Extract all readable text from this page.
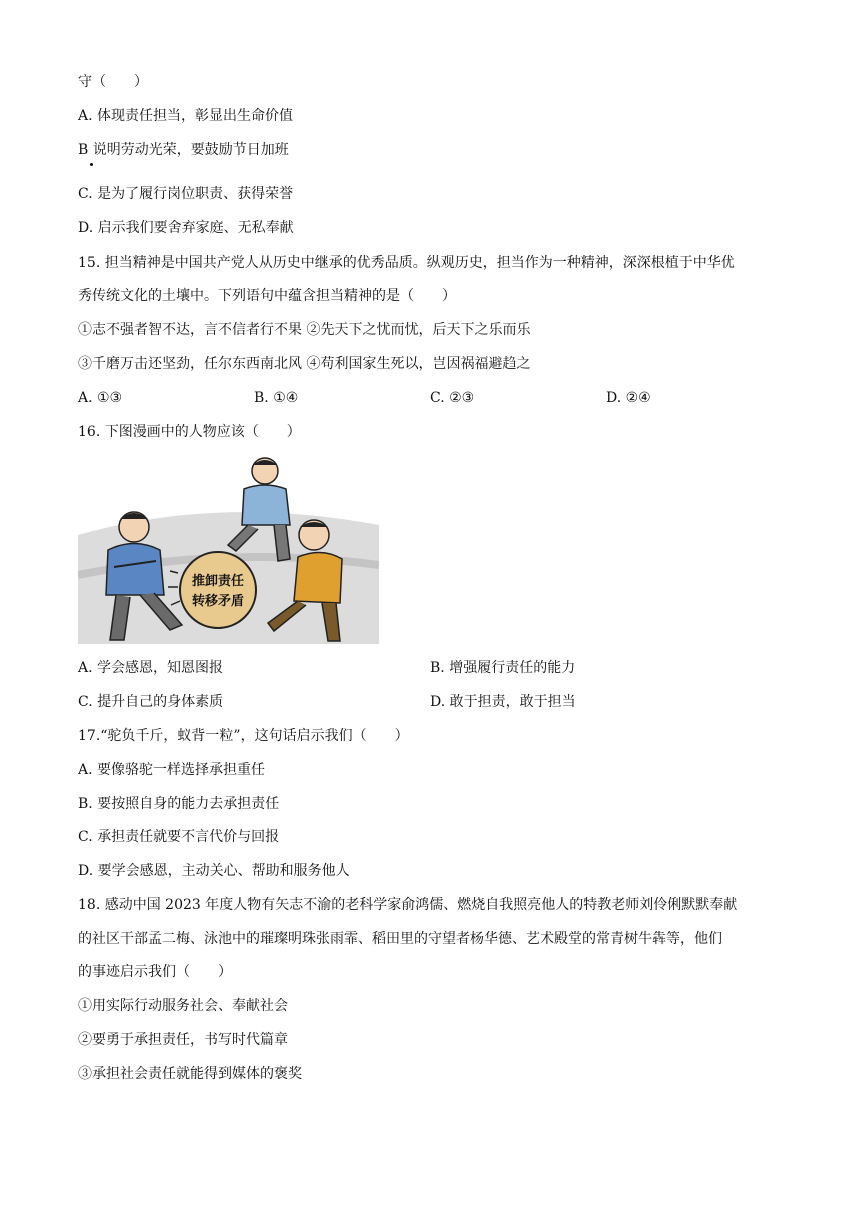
守（　　）
A. 体现责任担当，彰显出生命价值
B 说明劳动光荣，要鼓励节日加班
C. 是为了履行岗位职责、获得荣誉
D. 启示我们要舍弃家庭、无私奉献
15. 担当精神是中国共产党人从历史中继承的优秀品质。纵观历史，担当作为一种精神，深深根植于中华优
秀传统文化的土壤中。下列语句中蕴含担当精神的是（　　）
①志不强者智不达，言不信者行不果 ②先天下之忧而忧，后天下之乐而乐
③千磨万击还坚劲，任尔东西南北风 ④苟利国家生死以，岂因祸福避趋之
A. ①③	B. ①④	C. ②③	D. ②④
16. 下图漫画中的人物应该（　　）
推卸责任
转移矛盾
A. 学会感恩，知恩图报	B. 增强履行责任的能力
C. 提升自己的身体素质	D. 敢于担责，敢于担当
17.“驼负千斤，蚁背一粒”，这句话启示我们（　　）
A. 要像骆驼一样选择承担重任
B. 要按照自身的能力去承担责任
C. 承担责任就要不言代价与回报
D. 要学会感恩，主动关心、帮助和服务他人
18. 感动中国 2023 年度人物有矢志不渝的老科学家俞鸿儒、燃烧自我照亮他人的特教老师刘伶俐默默奉献
的社区干部孟二梅、泳池中的璀璨明珠张雨霏、稻田里的守望者杨华德、艺术殿堂的常青树牛犇等，他们
的事迹启示我们（　　）
①用实际行动服务社会、奉献社会
②要勇于承担责任，书写时代篇章
③承担社会责任就能得到媒体的褒奖
